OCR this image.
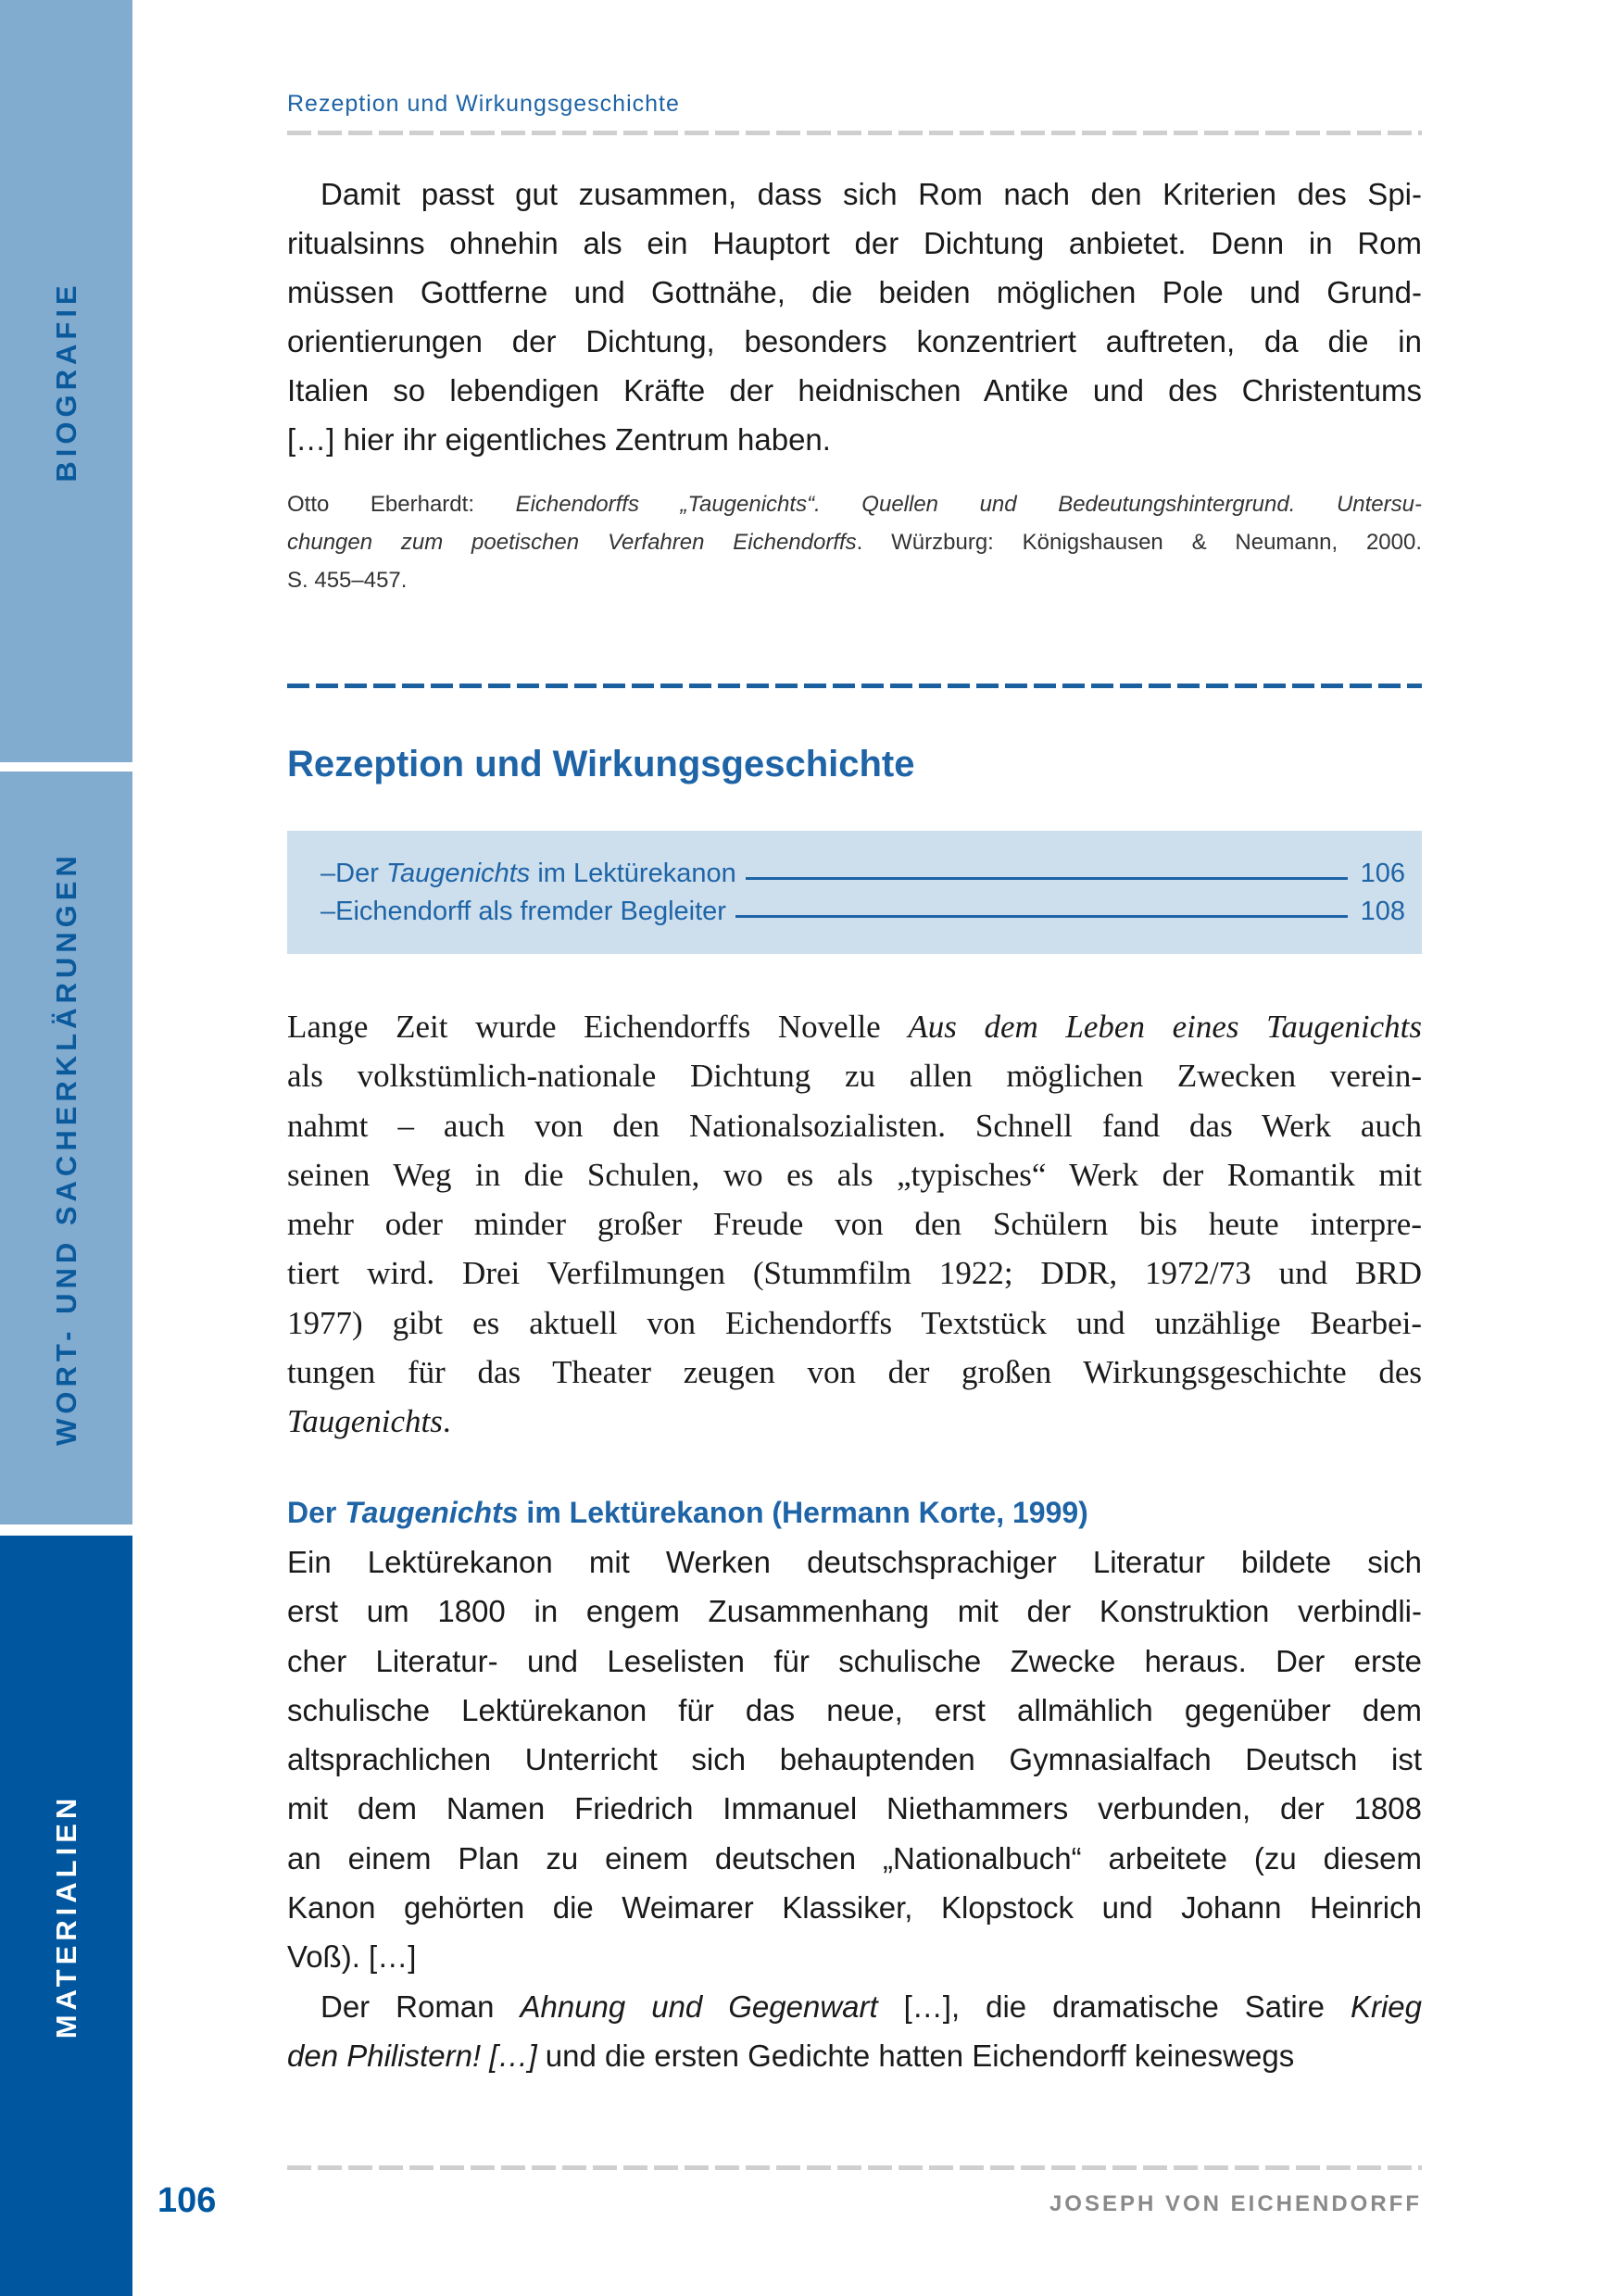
BIOGRAFIE
WORT- UND SACHERKLÄRUNGEN
MATERIALIEN
Rezeption und Wirkungsgeschichte
Damit passt gut zusammen, dass sich Rom nach den Kriterien des Spi-
ritualsinns ohnehin als ein Hauptort der Dichtung anbietet. Denn in Rom
müssen Gottferne und Gottnähe, die beiden möglichen Pole und Grund-
orientierungen der Dichtung, besonders konzentriert auftreten, da die in
Italien so lebendigen Kräfte der heidnischen Antike und des Christentums
[…] hier ihr eigentliches Zentrum haben.
Otto Eberhardt: Eichendorffs „Taugenichts“. Quellen und Bedeutungshintergrund. Untersu-
chungen zum poetischen Verfahren Eichendorffs. Würzburg: Königshausen & Neumann, 2000.
S. 455–457.
Rezeption und Wirkungsgeschichte
– Der Taugenichts im Lektürekanon	106
– Eichendorff als fremder Begleiter	108
Lange Zeit wurde Eichendorffs Novelle Aus dem Leben eines Taugenichts
als volkstümlich-nationale Dichtung zu allen möglichen Zwecken verein-
nahmt – auch von den Nationalsozialisten. Schnell fand das Werk auch
seinen Weg in die Schulen, wo es als „typisches“ Werk der Romantik mit
mehr oder minder großer Freude von den Schülern bis heute interpre-
tiert wird. Drei Verfilmungen (Stummfilm 1922; DDR, 1972/73 und BRD
1977) gibt es aktuell von Eichendorffs Textstück und unzählige Bearbei-
tungen für das Theater zeugen von der großen Wirkungsgeschichte des
Taugenichts.
Der Taugenichts im Lektürekanon (Hermann Korte, 1999)
Ein Lektürekanon mit Werken deutschsprachiger Literatur bildete sich
erst um 1800 in engem Zusammenhang mit der Konstruktion verbindli-
cher Literatur- und Leselisten für schulische Zwecke heraus. Der erste
schulische Lektürekanon für das neue, erst allmählich gegenüber dem
altsprachlichen Unterricht sich behauptenden Gymnasialfach Deutsch ist
mit dem Namen Friedrich Immanuel Niethammers verbunden, der 1808
an einem Plan zu einem deutschen „Nationalbuch“ arbeitete (zu diesem
Kanon gehörten die Weimarer Klassiker, Klopstock und Johann Heinrich
Voß). […]
Der Roman Ahnung und Gegenwart […], die dramatische Satire Krieg
den Philistern! […] und die ersten Gedichte hatten Eichendorff keineswegs
106	JOSEPH VON EICHENDORFF
